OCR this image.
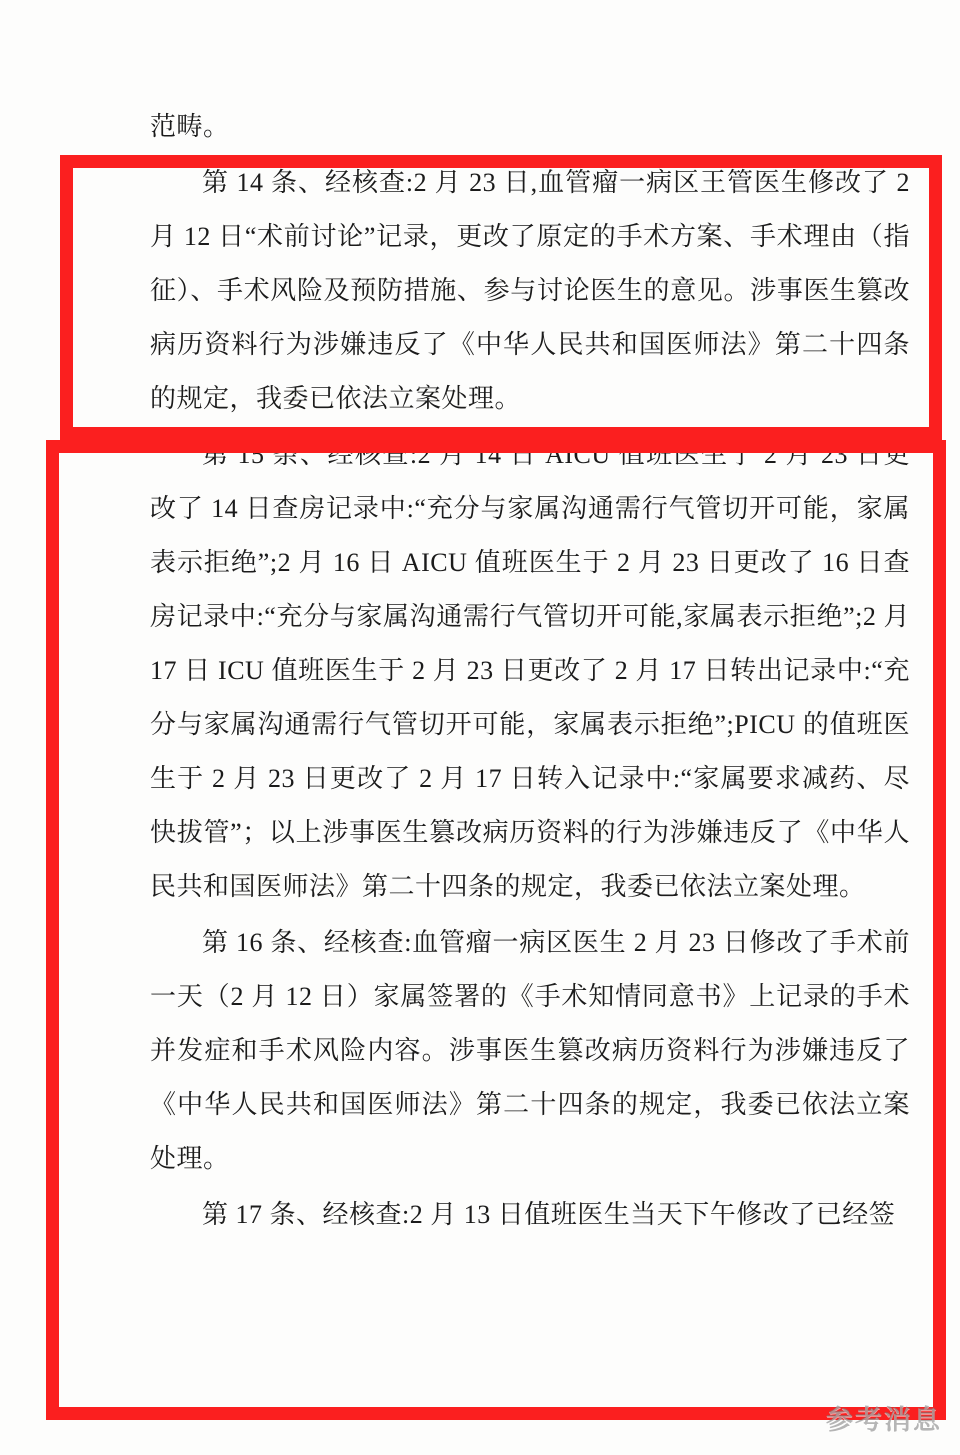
范畴。

第 14 条、经核查:2 月 23 日,血管瘤一病区王管医生修改了 2 月 12 日“术前讨论”记录，更改了原定的手术方案、手术理由（指征）、手术风险及预防措施、参与讨论医生的意见。涉事医生篡改病历资料行为涉嫌违反了《中华人民共和国医师法》第二十四条的规定，我委已依法立案处理。

第 15 条、经核查:2 月 14 日 AICU 值班医生于 2 月 23 日更改了 14 日查房记录中:“充分与家属沟通需行气管切开可能，家属表示拒绝”;2 月 16 日 AICU 值班医生于 2 月 23 日更改了 16 日查房记录中:“充分与家属沟通需行气管切开可能,家属表示拒绝”;2 月 17 日 ICU 值班医生于 2 月 23 日更改了 2 月 17 日转出记录中:“充分与家属沟通需行气管切开可能，家属表示拒绝”;PICU 的值班医生于 2 月 23 日更改了 2 月 17 日转入记录中:“家属要求减药、尽快拔管”；以上涉事医生篡改病历资料的行为涉嫌违反了《中华人民共和国医师法》第二十四条的规定，我委已依法立案处理。

第 16 条、经核查:血管瘤一病区医生 2 月 23 日修改了手术前一天（2 月 12 日）家属签署的《手术知情同意书》上记录的手术并发症和手术风险内容。涉事医生篡改病历资料行为涉嫌违反了《中华人民共和国医师法》第二十四条的规定，我委已依法立案处理。

第 17 条、经核查:2 月 13 日值班医生当天下午修改了已经签

参考消息
